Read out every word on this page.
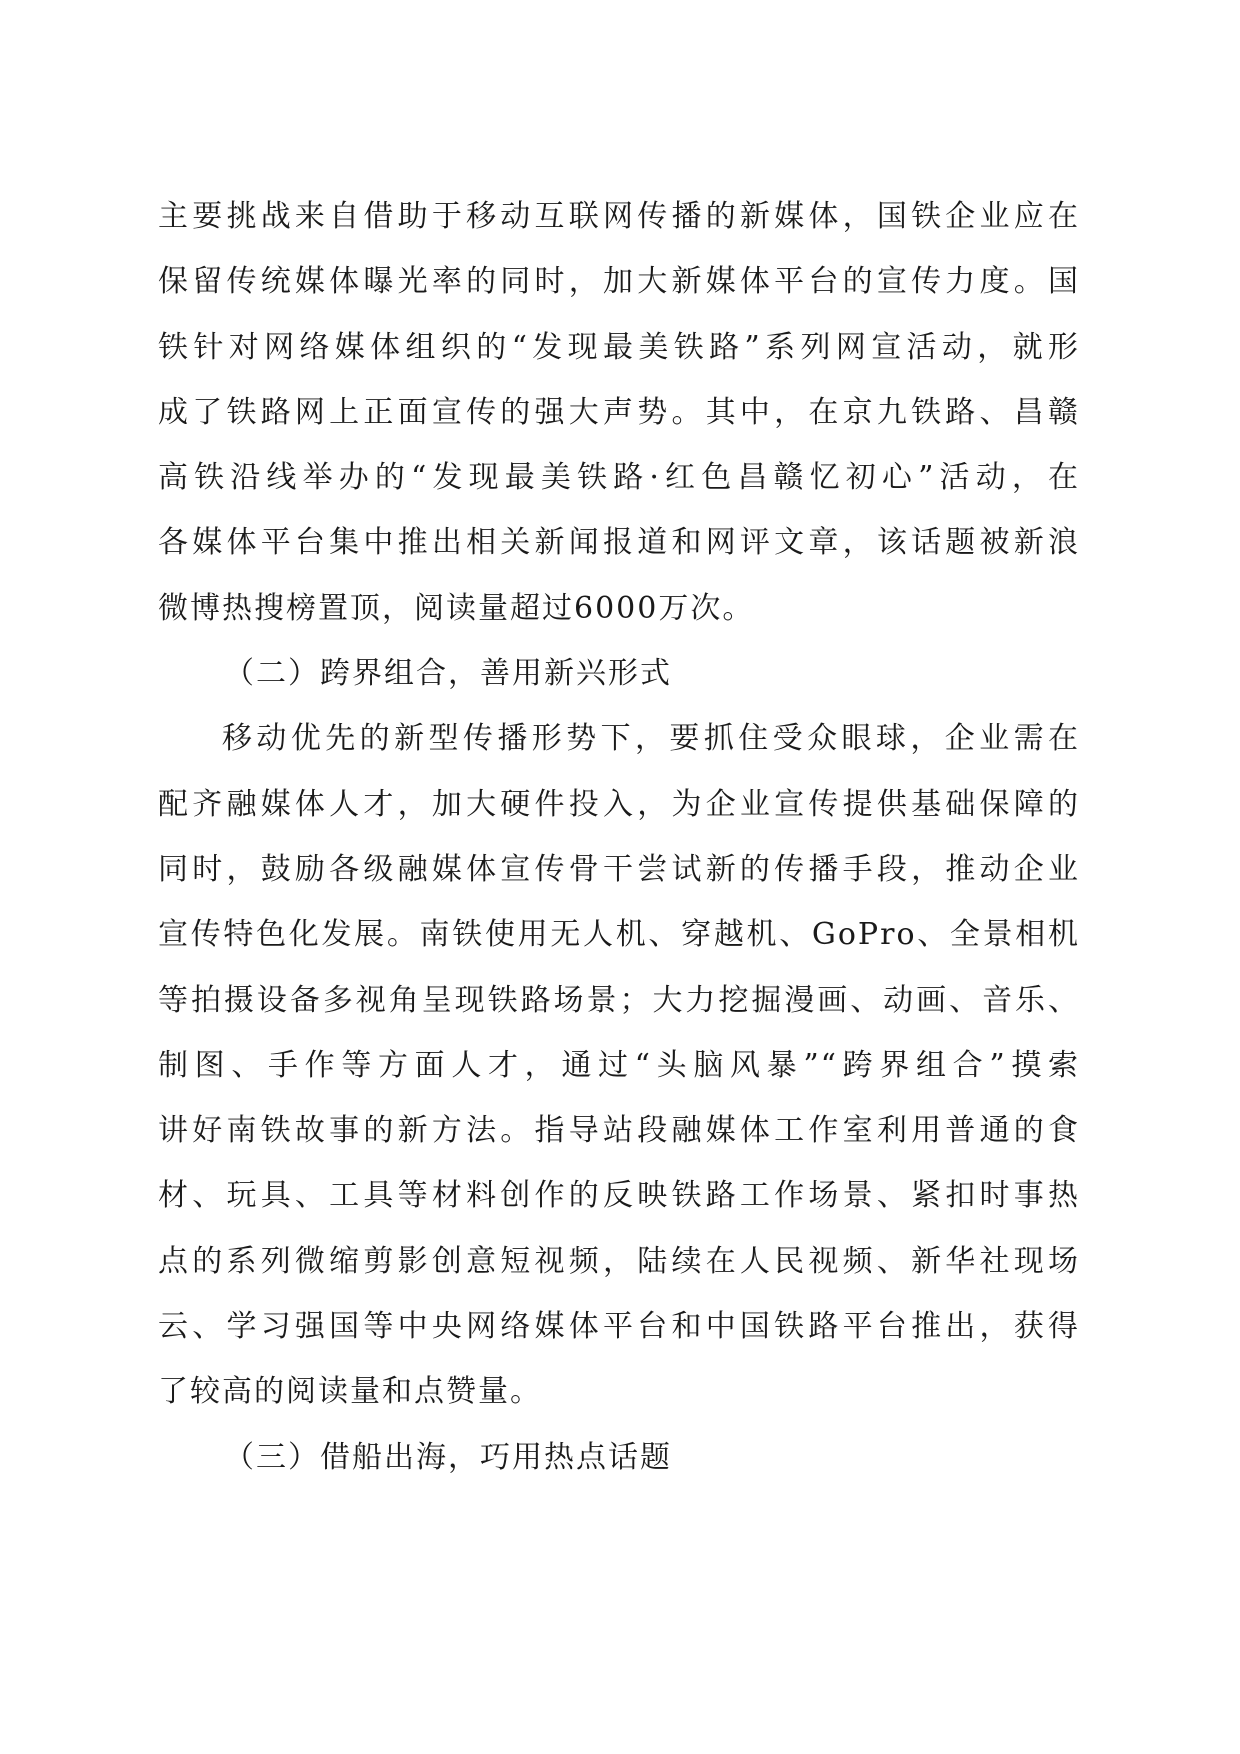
主要挑战来自借助于移动互联网传播的新媒体，国铁企业应在
保留传统媒体曝光率的同时，加大新媒体平台的宣传力度。国
铁针对网络媒体组织的“发现最美铁路”系列网宣活动，就形
成了铁路网上正面宣传的强大声势。其中，在京九铁路、昌赣
高铁沿线举办的“发现最美铁路·红色昌赣忆初心”活动，在
各媒体平台集中推出相关新闻报道和网评文章，该话题被新浪
微博热搜榜置顶，阅读量超过6000万次。
（二）跨界组合，善用新兴形式
移动优先的新型传播形势下，要抓住受众眼球，企业需在
配齐融媒体人才，加大硬件投入，为企业宣传提供基础保障的
同时，鼓励各级融媒体宣传骨干尝试新的传播手段，推动企业
宣传特色化发展。南铁使用无人机、穿越机、GoPro、全景相机
等拍摄设备多视角呈现铁路场景；大力挖掘漫画、动画、音乐、
制图、手作等方面人才，通过“头脑风暴”“跨界组合”摸索
讲好南铁故事的新方法。指导站段融媒体工作室利用普通的食
材、玩具、工具等材料创作的反映铁路工作场景、紧扣时事热
点的系列微缩剪影创意短视频，陆续在人民视频、新华社现场
云、学习强国等中央网络媒体平台和中国铁路平台推出，获得
了较高的阅读量和点赞量。
（三）借船出海，巧用热点话题
